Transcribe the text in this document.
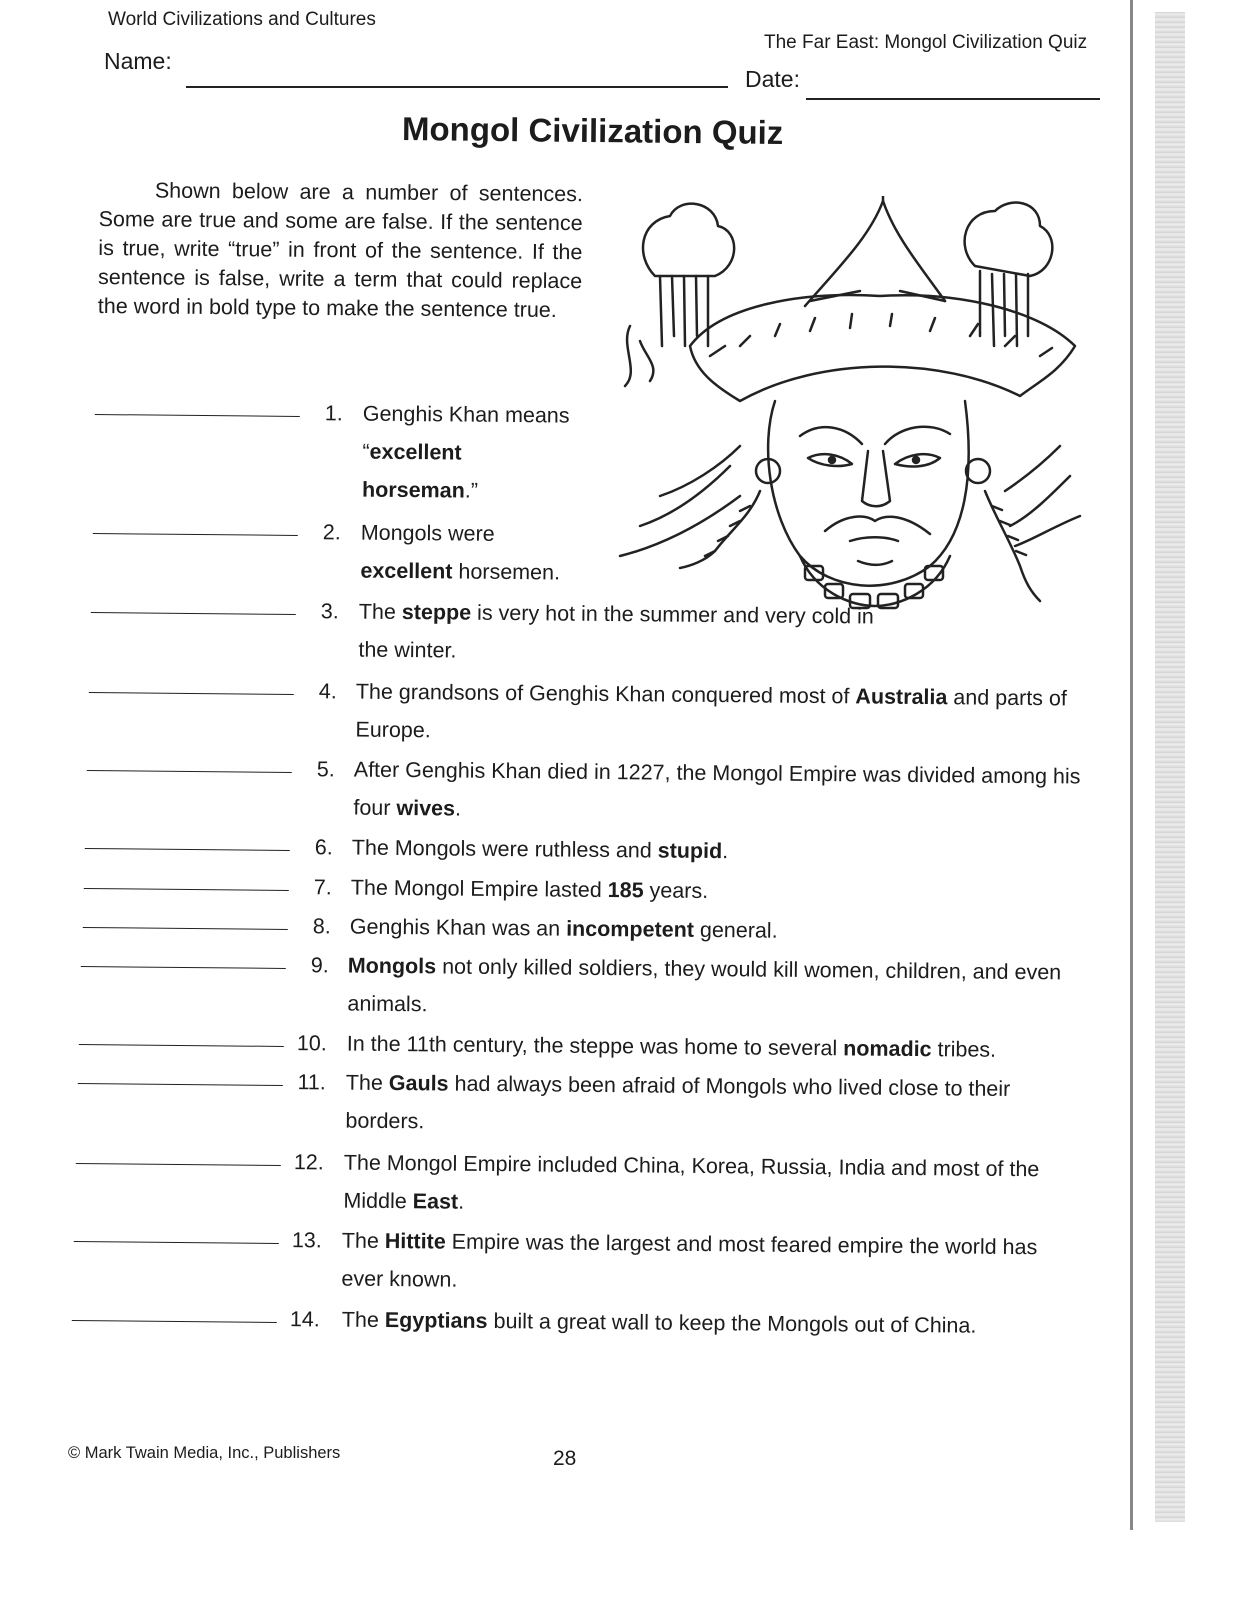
World Civilizations and Cultures
The Far East: Mongol Civilization Quiz
Name:
Date:
Mongol Civilization Quiz
Shown below are a number of sentences. Some are true and some are false. If the sentence is true, write “true” in front of the sentence. If the sentence is false, write a term that could replace the word in bold type to make the sentence true.
1. Genghis Khan means “excellent horseman.”
2. Mongols were excellent horsemen.
3. The steppe is very hot in the summer and very cold in the winter.
4. The grandsons of Genghis Khan conquered most of Australia and parts of Europe.
5. After Genghis Khan died in 1227, the Mongol Empire was divided among his four wives.
6. The Mongols were ruthless and stupid.
7. The Mongol Empire lasted 185 years.
8. Genghis Khan was an incompetent general.
9. Mongols not only killed soldiers, they would kill women, children, and even animals.
10. In the 11th century, the steppe was home to several nomadic tribes.
11. The Gauls had always been afraid of Mongols who lived close to their borders.
12. The Mongol Empire included China, Korea, Russia, India and most of the Middle East.
13. The Hittite Empire was the largest and most feared empire the world has ever known.
14. The Egyptians built a great wall to keep the Mongols out of China.
© Mark Twain Media, Inc., Publishers	28
